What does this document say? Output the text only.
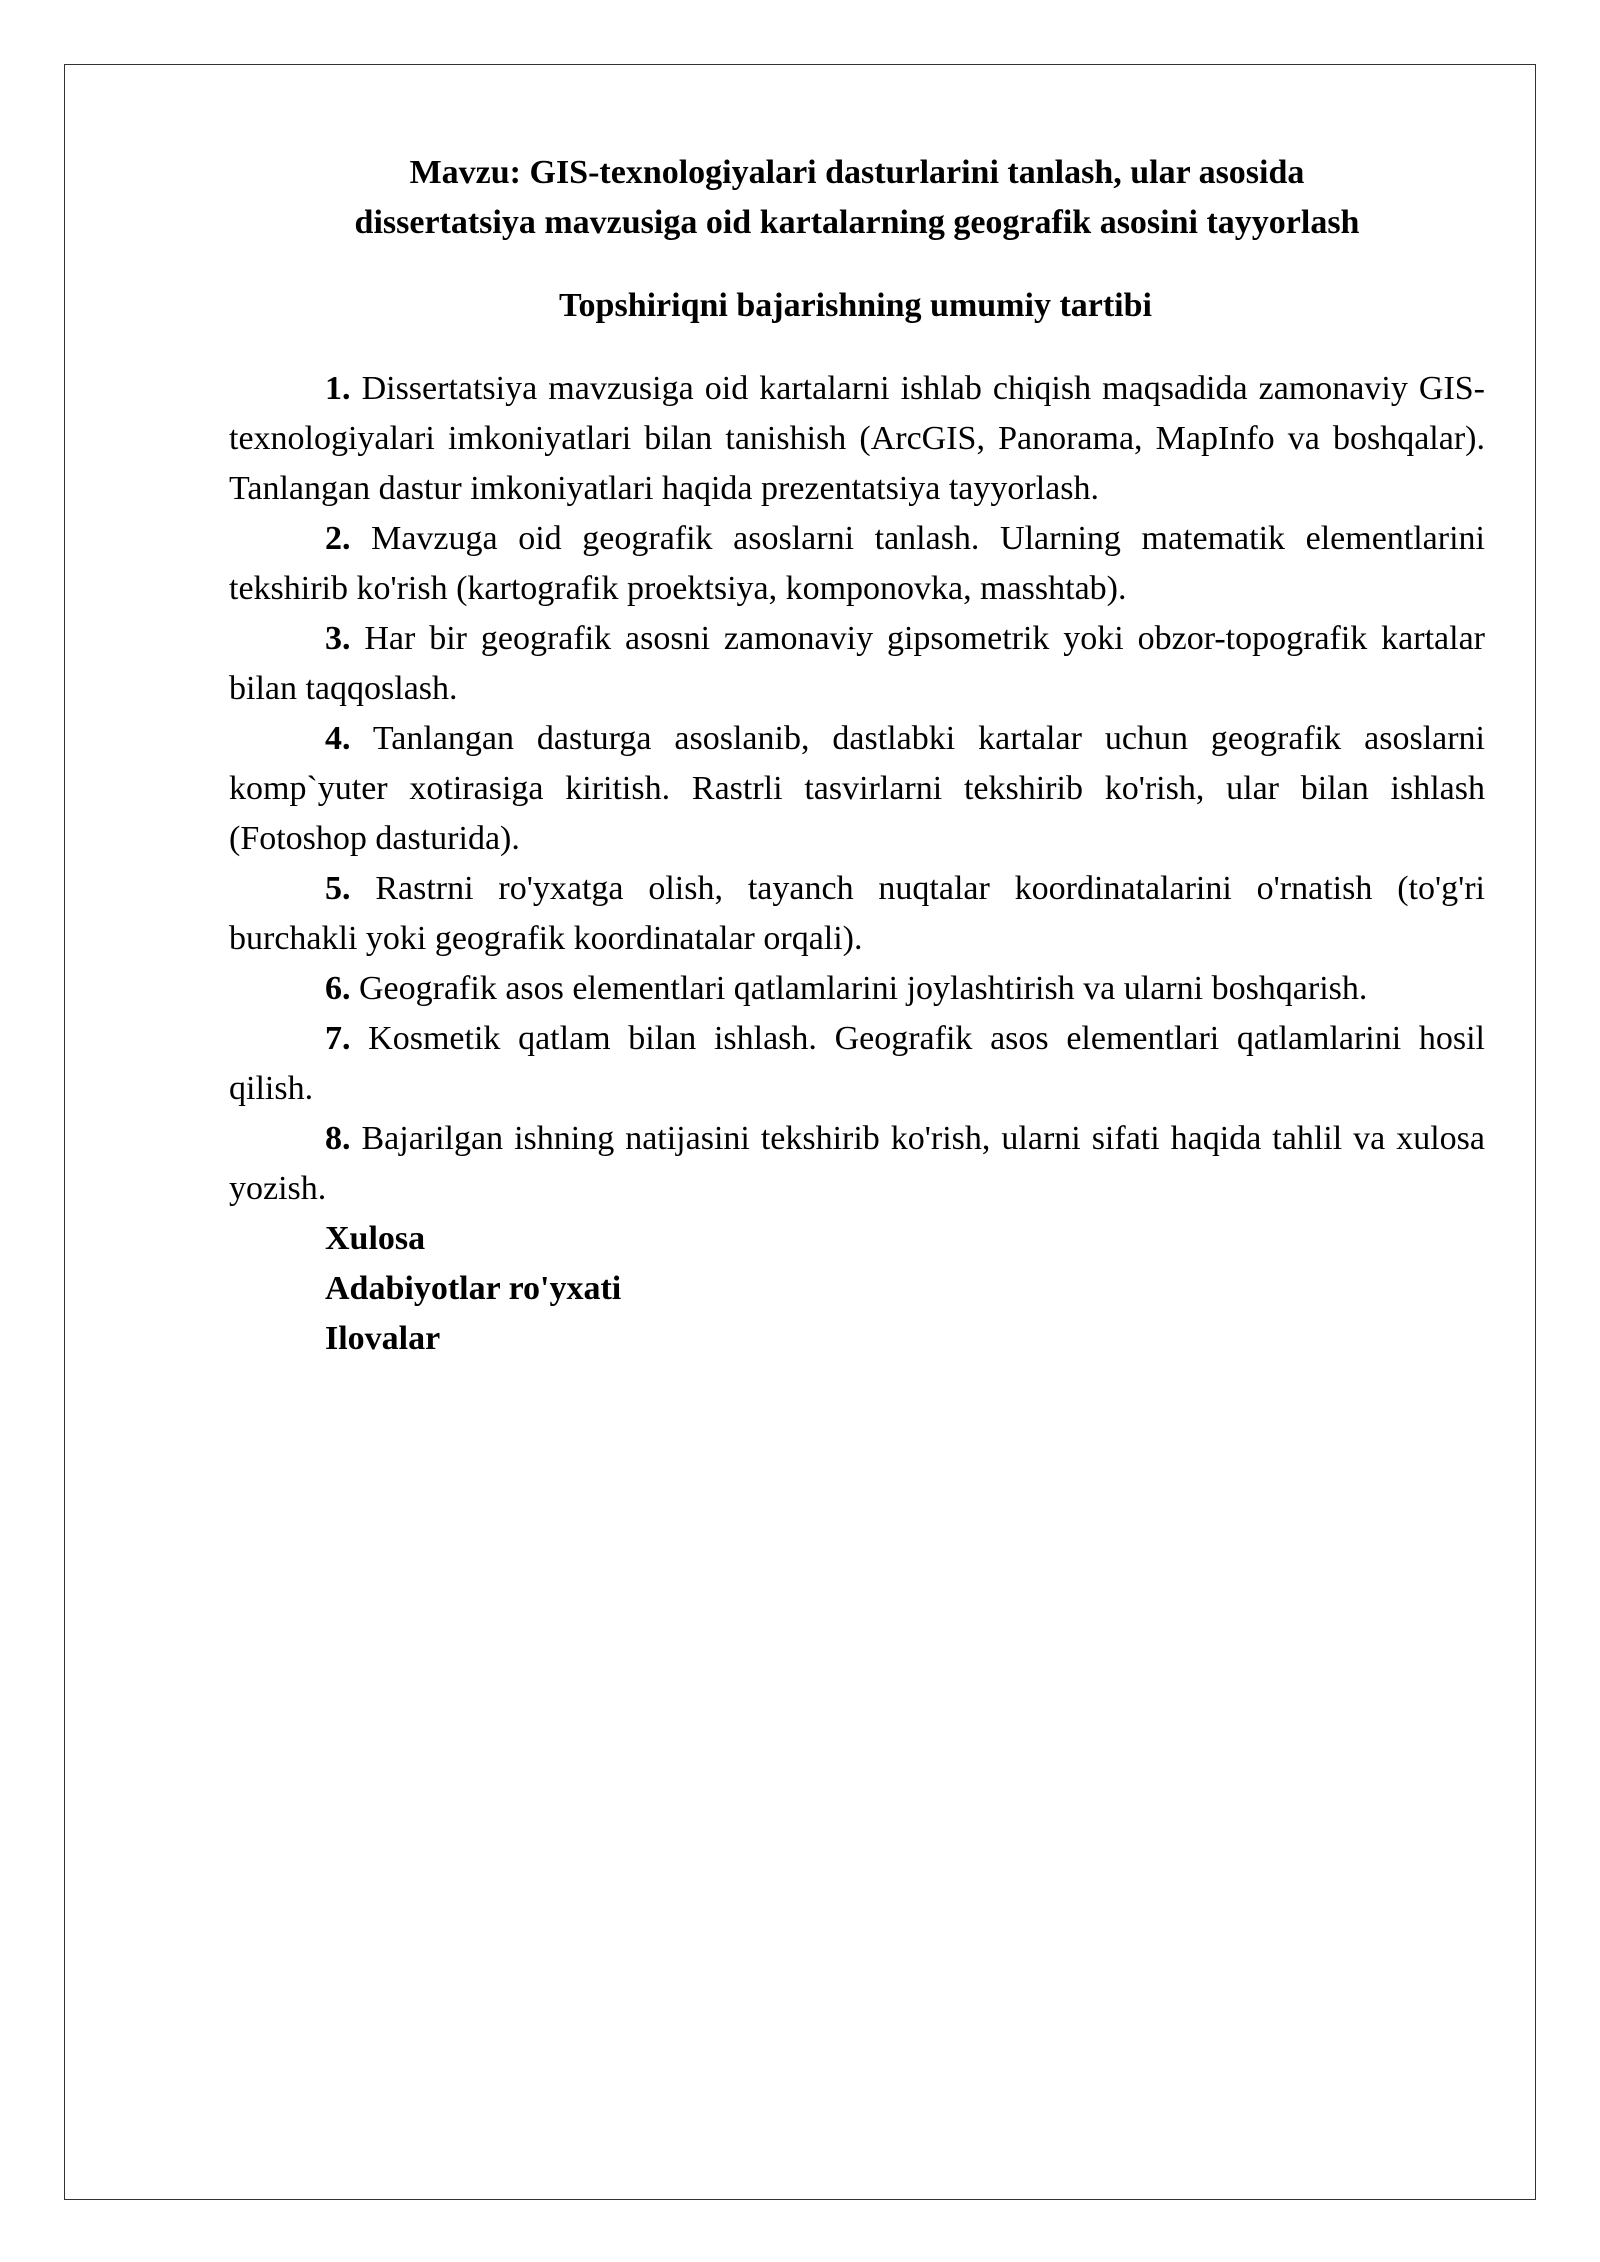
Mavzu: GIS-texnologiyalari dasturlarini tanlash, ular asosida
dissertatsiya mavzusiga oid kartalarning geografik asosini tayyorlash

Topshiriqni bajarishning umumiy tartibi

1. Dissertatsiya mavzusiga oid kartalarni ishlab chiqish maqsadida zamonaviy GIS-texnologiyalari imkoniyatlari bilan tanishish (ArcGIS, Panorama, MapInfo va boshqalar). Tanlangan dastur imkoniyatlari haqida prezentatsiya tayyorlash.

2. Mavzuga oid geografik asoslarni tanlash. Ularning matematik elementlarini tekshirib ko'rish (kartografik proektsiya, komponovka, masshtab).

3. Har bir geografik asosni zamonaviy gipsometrik yoki obzor-topografik kartalar bilan taqqoslash.

4. Tanlangan dasturga asoslanib, dastlabki kartalar uchun geografik asoslarni komp`yuter xotirasiga kiritish. Rastrli tasvirlarni tekshirib ko'rish, ular bilan ishlash (Fotoshop dasturida).

5. Rastrni ro'yxatga olish, tayanch nuqtalar koordinatalarini o'rnatish (to'g'ri burchakli yoki geografik koordinatalar orqali).

6. Geografik asos elementlari qatlamlarini joylashtirish va ularni boshqarish.

7. Kosmetik qatlam bilan ishlash. Geografik asos elementlari qatlamlarini hosil qilish.

8. Bajarilgan ishning natijasini tekshirib ko'rish, ularni sifati haqida tahlil va xulosa yozish.

Xulosa

Adabiyotlar ro'yxati

Ilovalar
